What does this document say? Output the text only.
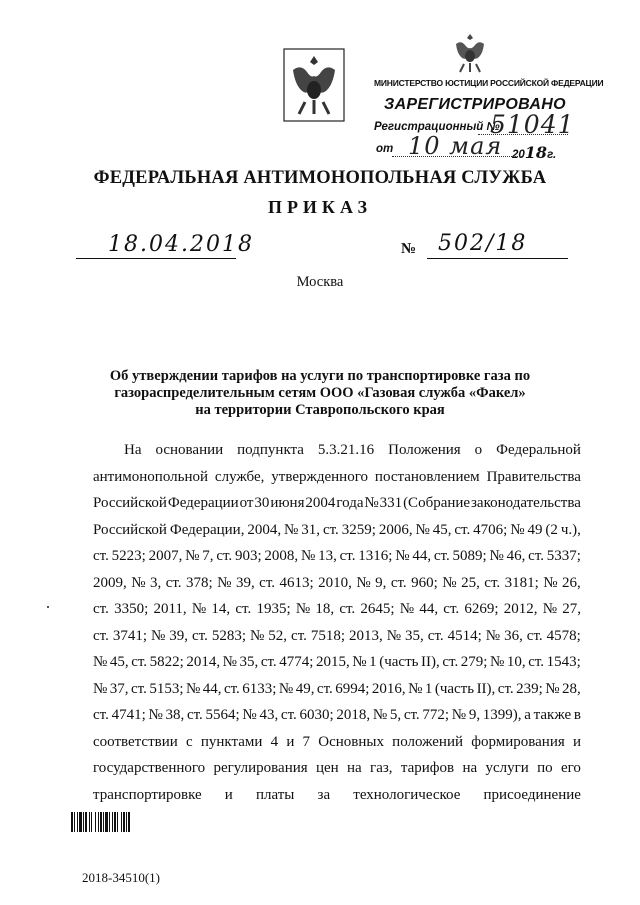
МИНИСТЕРСТВО ЮСТИЦИИ РОССИЙСКОЙ ФЕДЕРАЦИИ
ЗАРЕГИСТРИРОВАНО
Регистрационный №
51041
от 10 мая 2018г.
ФЕДЕРАЛЬНАЯ АНТИМОНОПОЛЬНАЯ СЛУЖБА
ПРИКАЗ
18.04.2018	№ 502/18
Москва
Об утверждении тарифов на услуги по транспортировке газа по
газораспределительным сетям ООО «Газовая служба «Факел»
на территории Ставропольского края
На основании подпункта 5.3.21.16 Положения о Федеральной
антимонопольной службе, утвержденного постановлением Правительства
Российской Федерации от 30 июня 2004 года № 331 (Собрание законодательства
Российской Федерации, 2004, № 31, ст. 3259; 2006, № 45, ст. 4706; № 49 (2 ч.),
ст. 5223; 2007, № 7, ст. 903; 2008, № 13, ст. 1316; № 44, ст. 5089; № 46, ст. 5337;
2009, № 3, ст. 378; № 39, ст. 4613; 2010, № 9, ст. 960; № 25, ст. 3181; № 26,
ст. 3350; 2011, № 14, ст. 1935; № 18, ст. 2645; № 44, ст. 6269; 2012, № 27,
ст. 3741; № 39, ст. 5283; № 52, ст. 7518; 2013, № 35, ст. 4514; № 36, ст. 4578;
№ 45, ст. 5822; 2014, № 35, ст. 4774; 2015, № 1 (часть II), ст. 279; № 10, ст. 1543;
№ 37, ст. 5153; № 44, ст. 6133; № 49, ст. 6994; 2016, № 1 (часть II), ст. 239; № 28,
ст. 4741; № 38, ст. 5564; № 43, ст. 6030; 2018, № 5, ст. 772; № 9, 1399), а также в
соответствии с пунктами 4 и 7 Основных положений формирования и
государственного регулирования цен на газ, тарифов на услуги по его
транспортировке и платы за технологическое присоединение
2018-34510(1)
